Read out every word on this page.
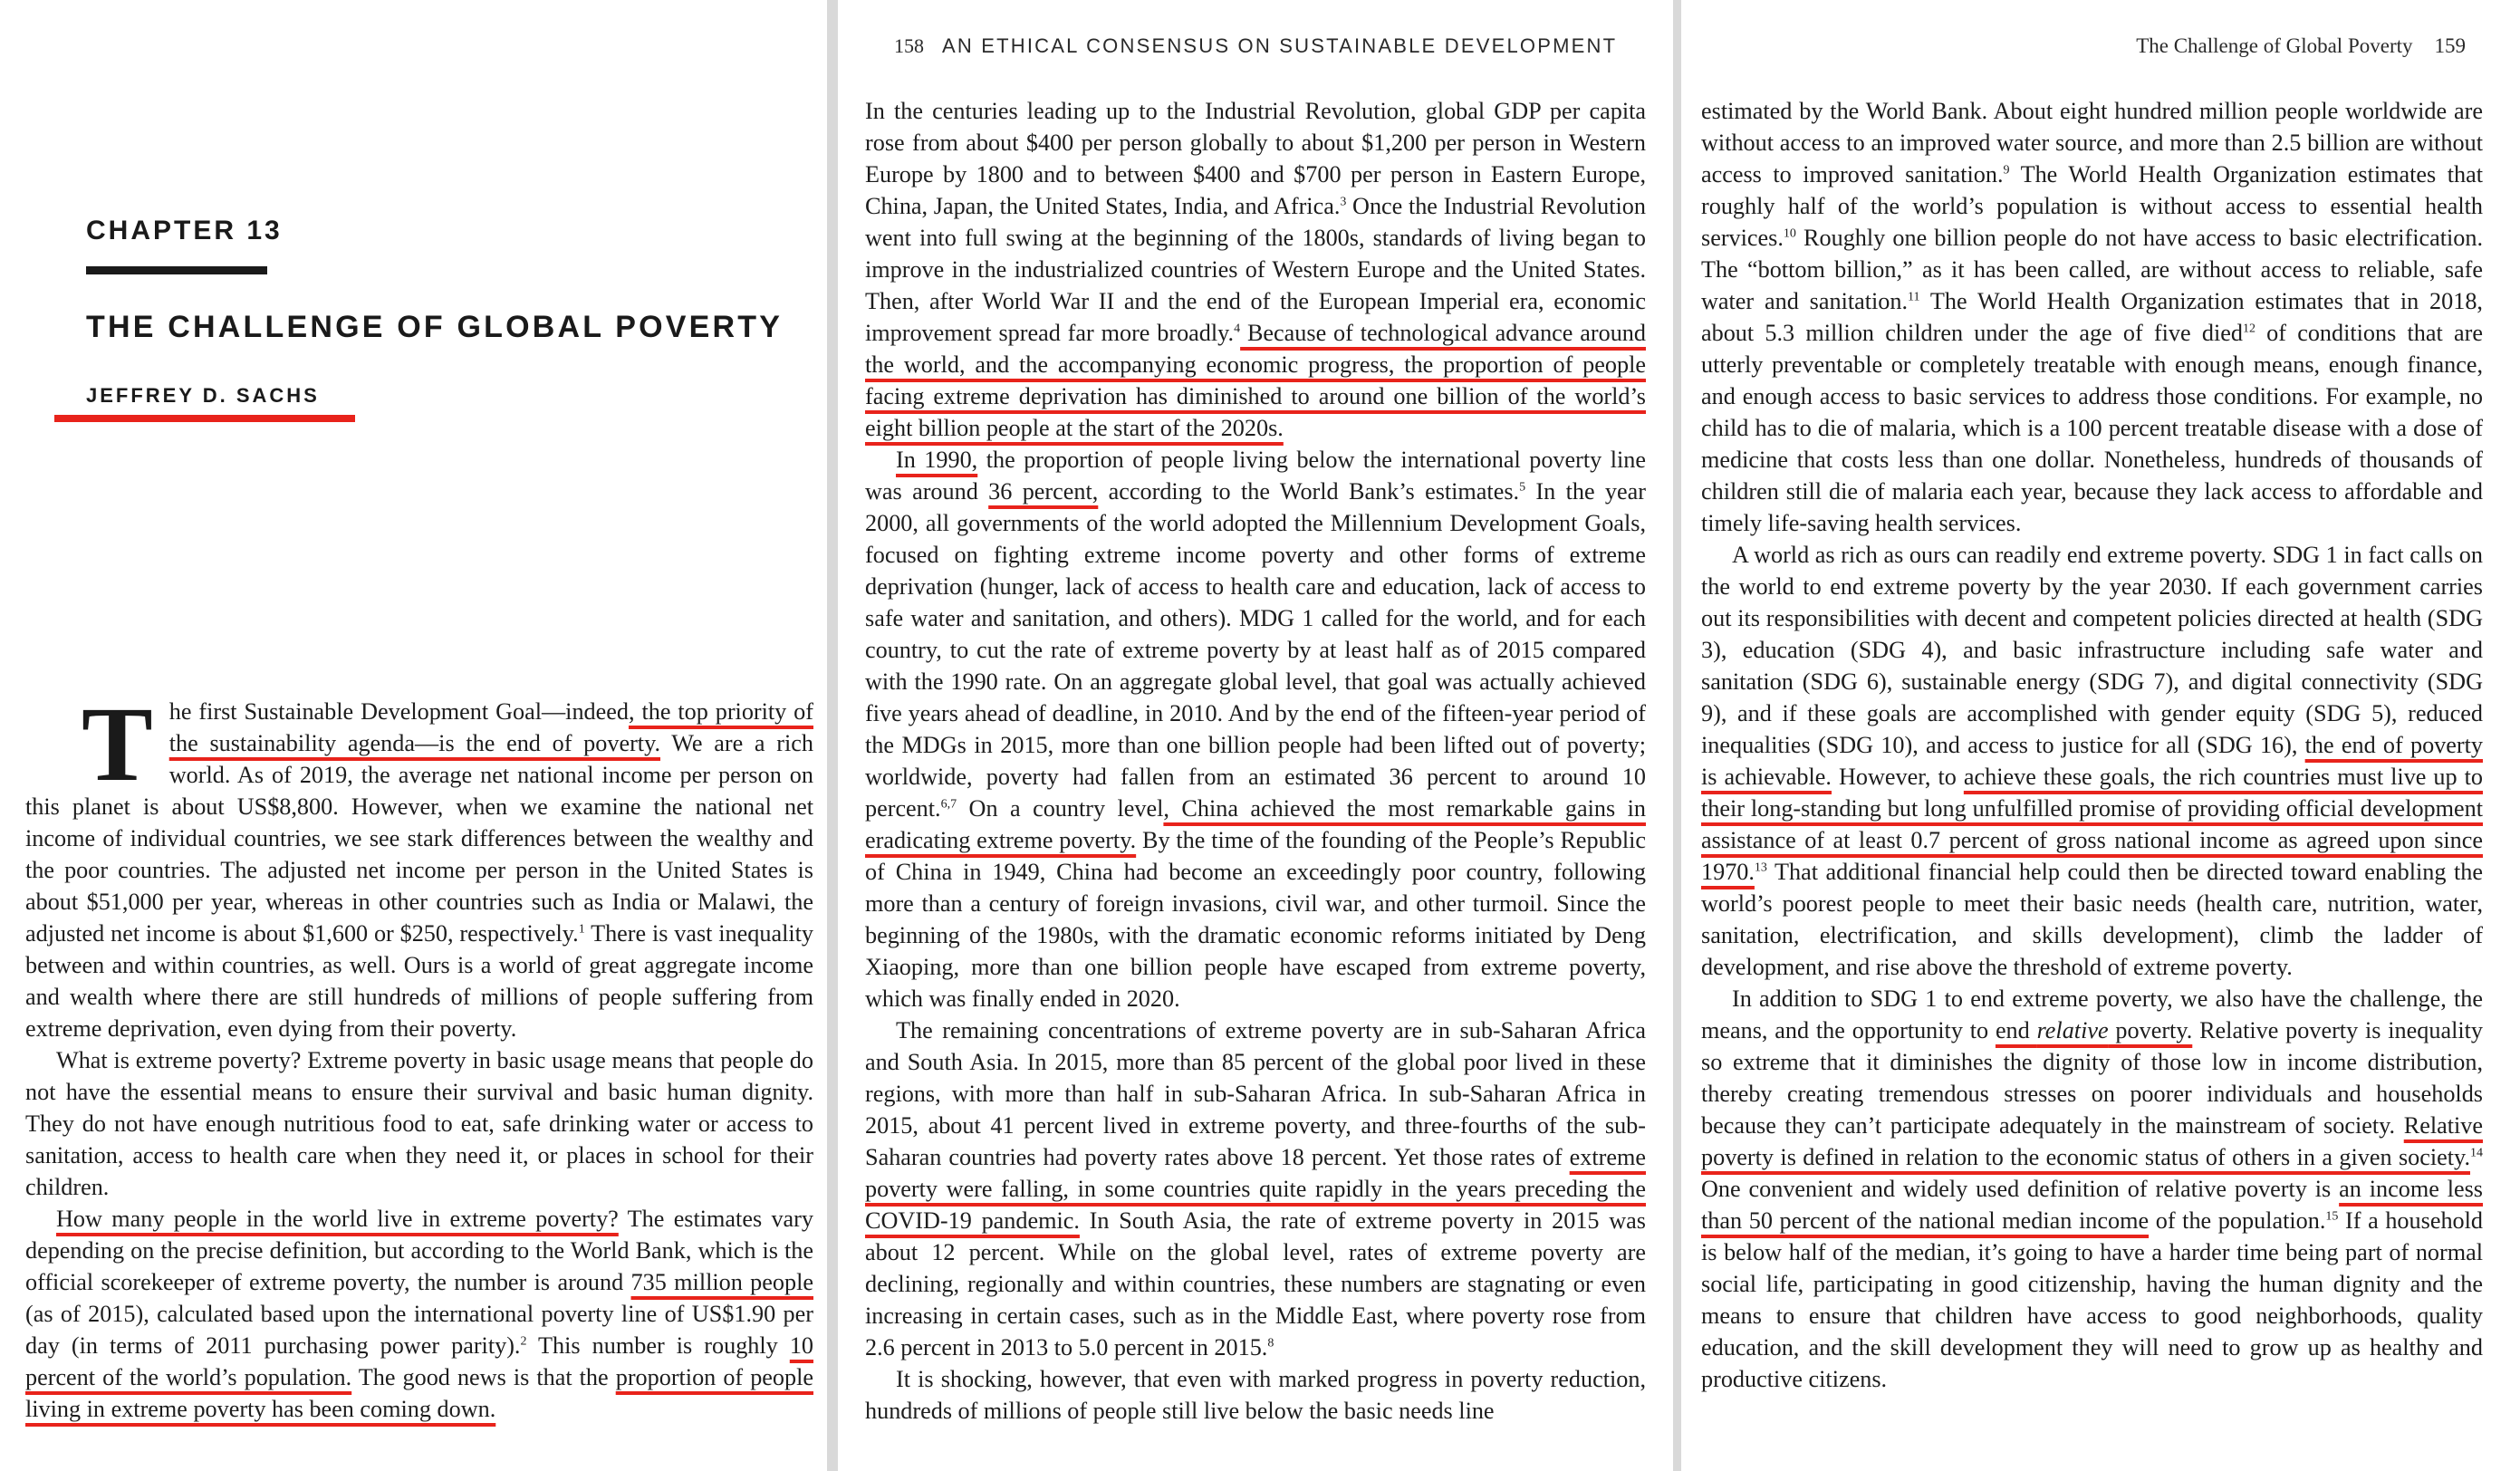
CHAPTER 13
THE CHALLENGE OF GLOBAL POVERTY
JEFFREY D. SACHS

The first Sustainable Development Goal—indeed, the top priority of the sustainability agenda—is the end of poverty. We are a rich world. As of 2019, the average net national income per person on this planet is about US$8,800. However, when we examine the national net income of individual countries, we see stark differences between the wealthy and the poor countries. The adjusted net income per person in the United States is about $51,000 per year, whereas in other countries such as India or Malawi, the adjusted net income is about $1,600 or $250, respectively.$^1$ There is vast inequality between and within countries, as well. Ours is a world of great aggregate income and wealth where there are still hundreds of millions of people suffering from extreme deprivation, even dying from their poverty.

What is extreme poverty? Extreme poverty in basic usage means that people do not have the essential means to ensure their survival and basic human dignity. They do not have enough nutritious food to eat, safe drinking water or access to sanitation, access to health care when they need it, or places in school for their children.

How many people in the world live in extreme poverty? The estimates vary depending on the precise definition, but according to the World Bank, which is the official scorekeeper of extreme poverty, the number is around 735 million people (as of 2015), calculated based upon the international poverty line of US$1.90 per day (in terms of 2011 purchasing power parity).$^2$ This number is roughly 10 percent of the world’s population. The good news is that the proportion of people living in extreme poverty has been coming down.

158 AN ETHICAL CONSENSUS ON SUSTAINABLE DEVELOPMENT

In the centuries leading up to the Industrial Revolution, global GDP per capita rose from about $400 per person globally to about $1,200 per person in Western Europe by 1800 and to between $400 and $700 per person in Eastern Europe, China, Japan, the United States, India, and Africa.$^3$ Once the Industrial Revolution went into full swing at the beginning of the 1800s, standards of living began to improve in the industrialized countries of Western Europe and the United States. Then, after World War II and the end of the European Imperial era, economic improvement spread far more broadly.$^4$ Because of technological advance around the world, and the accompanying economic progress, the proportion of people facing extreme deprivation has diminished to around one billion of the world’s eight billion people at the start of the 2020s.

In 1990, the proportion of people living below the international poverty line was around 36 percent, according to the World Bank’s estimates.$^5$ In the year 2000, all governments of the world adopted the Millennium Development Goals, focused on fighting extreme income poverty and other forms of extreme deprivation (hunger, lack of access to health care and education, lack of access to safe water and sanitation, and others). MDG 1 called for the world, and for each country, to cut the rate of extreme poverty by at least half as of 2015 compared with the 1990 rate. On an aggregate global level, that goal was actually achieved five years ahead of deadline, in 2010. And by the end of the fifteen-year period of the MDGs in 2015, more than one billion people had been lifted out of poverty; worldwide, poverty had fallen from an estimated 36 percent to around 10 percent.$^{6,7}$ On a country level, China achieved the most remarkable gains in eradicating extreme poverty. By the time of the founding of the People’s Republic of China in 1949, China had become an exceedingly poor country, following more than a century of foreign invasions, civil war, and other turmoil. Since the beginning of the 1980s, with the dramatic economic reforms initiated by Deng Xiaoping, more than one billion people have escaped from extreme poverty, which was finally ended in 2020.

The remaining concentrations of extreme poverty are in sub-Saharan Africa and South Asia. In 2015, more than 85 percent of the global poor lived in these regions, with more than half in sub-Saharan Africa. In sub-Saharan Africa in 2015, about 41 percent lived in extreme poverty, and three-fourths of the sub-Saharan countries had poverty rates above 18 percent. Yet those rates of extreme poverty were falling, in some countries quite rapidly in the years preceding the COVID-19 pandemic. In South Asia, the rate of extreme poverty in 2015 was about 12 percent. While on the global level, rates of extreme poverty are declining, regionally and within countries, these numbers are stagnating or even increasing in certain cases, such as in the Middle East, where poverty rose from 2.6 percent in 2013 to 5.0 percent in 2015.$^8$

It is shocking, however, that even with marked progress in poverty reduction, hundreds of millions of people still live below the basic needs line

The Challenge of Global Poverty 159

estimated by the World Bank. About eight hundred million people worldwide are without access to an improved water source, and more than 2.5 billion are without access to improved sanitation.$^9$ The World Health Organization estimates that roughly half of the world’s population is without access to essential health services.$^{10}$ Roughly one billion people do not have access to basic electrification. The “bottom billion,” as it has been called, are without access to reliable, safe water and sanitation.$^{11}$ The World Health Organization estimates that in 2018, about 5.3 million children under the age of five died$^{12}$ of conditions that are utterly preventable or completely treatable with enough means, enough finance, and enough access to basic services to address those conditions. For example, no child has to die of malaria, which is a 100 percent treatable disease with a dose of medicine that costs less than one dollar. Nonetheless, hundreds of thousands of children still die of malaria each year, because they lack access to affordable and timely life-saving health services.

A world as rich as ours can readily end extreme poverty. SDG 1 in fact calls on the world to end extreme poverty by the year 2030. If each government carries out its responsibilities with decent and competent policies directed at health (SDG 3), education (SDG 4), and basic infrastructure including safe water and sanitation (SDG 6), sustainable energy (SDG 7), and digital connectivity (SDG 9), and if these goals are accomplished with gender equity (SDG 5), reduced inequalities (SDG 10), and access to justice for all (SDG 16), the end of poverty is achievable. However, to achieve these goals, the rich countries must live up to their long-standing but long unfulfilled promise of providing official development assistance of at least 0.7 percent of gross national income as agreed upon since 1970.13 That additional financial help could then be directed toward enabling the world’s poorest people to meet their basic needs (health care, nutrition, water, sanitation, electrification, and skills development), climb the ladder of development, and rise above the threshold of extreme poverty.

In addition to SDG 1 to end extreme poverty, we also have the challenge, the means, and the opportunity to end relative poverty. Relative poverty is inequality so extreme that it diminishes the dignity of those low in income distribution, thereby creating tremendous stresses on poorer individuals and households because they can’t participate adequately in the mainstream of society. Relative poverty is defined in relation to the economic status of others in a given society.$^{14}$ One convenient and widely used definition of relative poverty is an income less than 50 percent of the national median income of the population.$^{15}$ If a household is below half of the median, it’s going to have a harder time being part of normal social life, participating in good citizenship, having the human dignity and the means to ensure that children have access to good neighborhoods, quality education, and the skill development they will need to grow up as healthy and productive citizens.
